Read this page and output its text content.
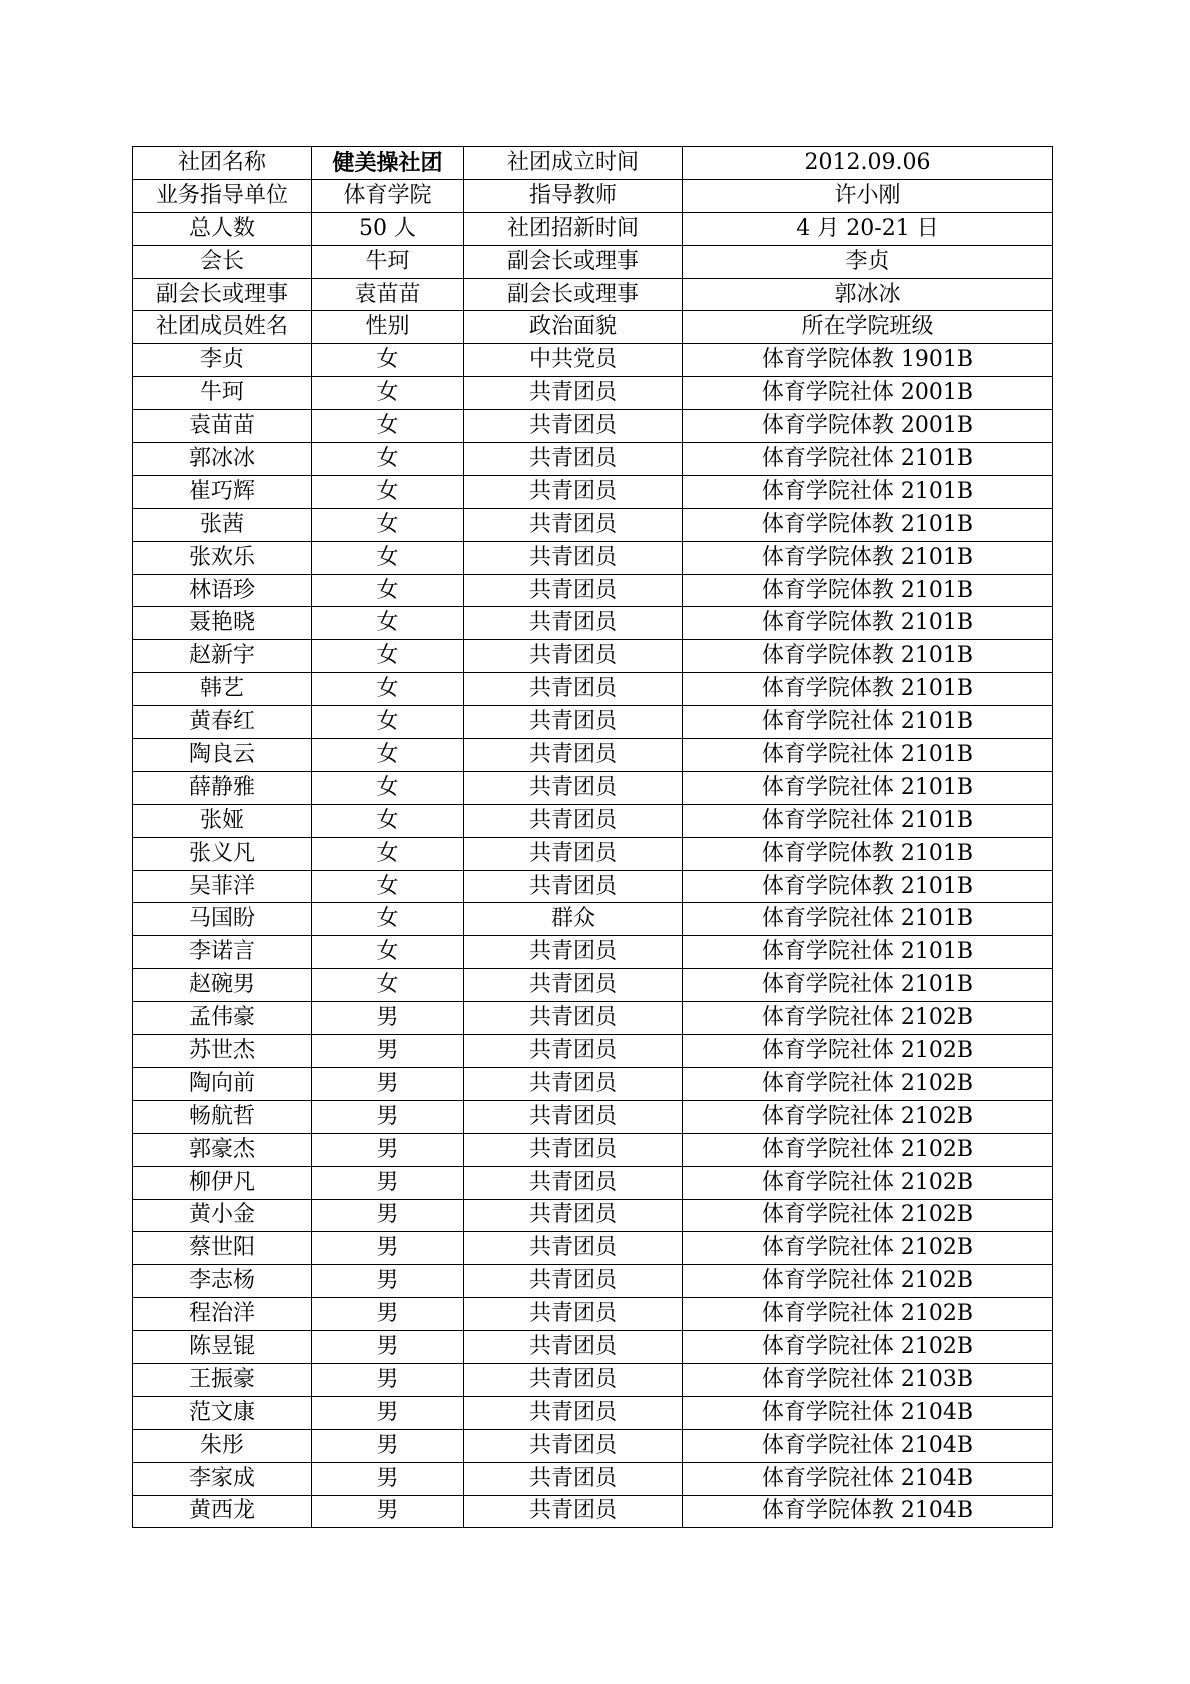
社团名称	健美操社团	社团成立时间	2012.09.06
业务指导单位	体育学院	指导教师	许小刚
总人数	50 人	社团招新时间	4 月 20-21 日
会长	牛珂	副会长或理事	李贞
副会长或理事	袁苗苗	副会长或理事	郭冰冰
社团成员姓名	性别	政治面貌	所在学院班级
李贞	女	中共党员	体育学院体教 1901B
牛珂	女	共青团员	体育学院社体 2001B
袁苗苗	女	共青团员	体育学院体教 2001B
郭冰冰	女	共青团员	体育学院社体 2101B
崔巧辉	女	共青团员	体育学院社体 2101B
张茜	女	共青团员	体育学院体教 2101B
张欢乐	女	共青团员	体育学院体教 2101B
林语珍	女	共青团员	体育学院体教 2101B
聂艳晓	女	共青团员	体育学院体教 2101B
赵新宇	女	共青团员	体育学院体教 2101B
韩艺	女	共青团员	体育学院体教 2101B
黄春红	女	共青团员	体育学院社体 2101B
陶良云	女	共青团员	体育学院社体 2101B
薛静雅	女	共青团员	体育学院社体 2101B
张娅	女	共青团员	体育学院社体 2101B
张义凡	女	共青团员	体育学院体教 2101B
吴菲洋	女	共青团员	体育学院体教 2101B
马国盼	女	群众	体育学院社体 2101B
李诺言	女	共青团员	体育学院社体 2101B
赵碗男	女	共青团员	体育学院社体 2101B
孟伟豪	男	共青团员	体育学院社体 2102B
苏世杰	男	共青团员	体育学院社体 2102B
陶向前	男	共青团员	体育学院社体 2102B
畅航哲	男	共青团员	体育学院社体 2102B
郭豪杰	男	共青团员	体育学院社体 2102B
柳伊凡	男	共青团员	体育学院社体 2102B
黄小金	男	共青团员	体育学院社体 2102B
蔡世阳	男	共青团员	体育学院社体 2102B
李志杨	男	共青团员	体育学院社体 2102B
程治洋	男	共青团员	体育学院社体 2102B
陈昱锟	男	共青团员	体育学院社体 2102B
王振豪	男	共青团员	体育学院社体 2103B
范文康	男	共青团员	体育学院社体 2104B
朱彤	男	共青团员	体育学院社体 2104B
李家成	男	共青团员	体育学院社体 2104B
黄西龙	男	共青团员	体育学院体教 2104B
